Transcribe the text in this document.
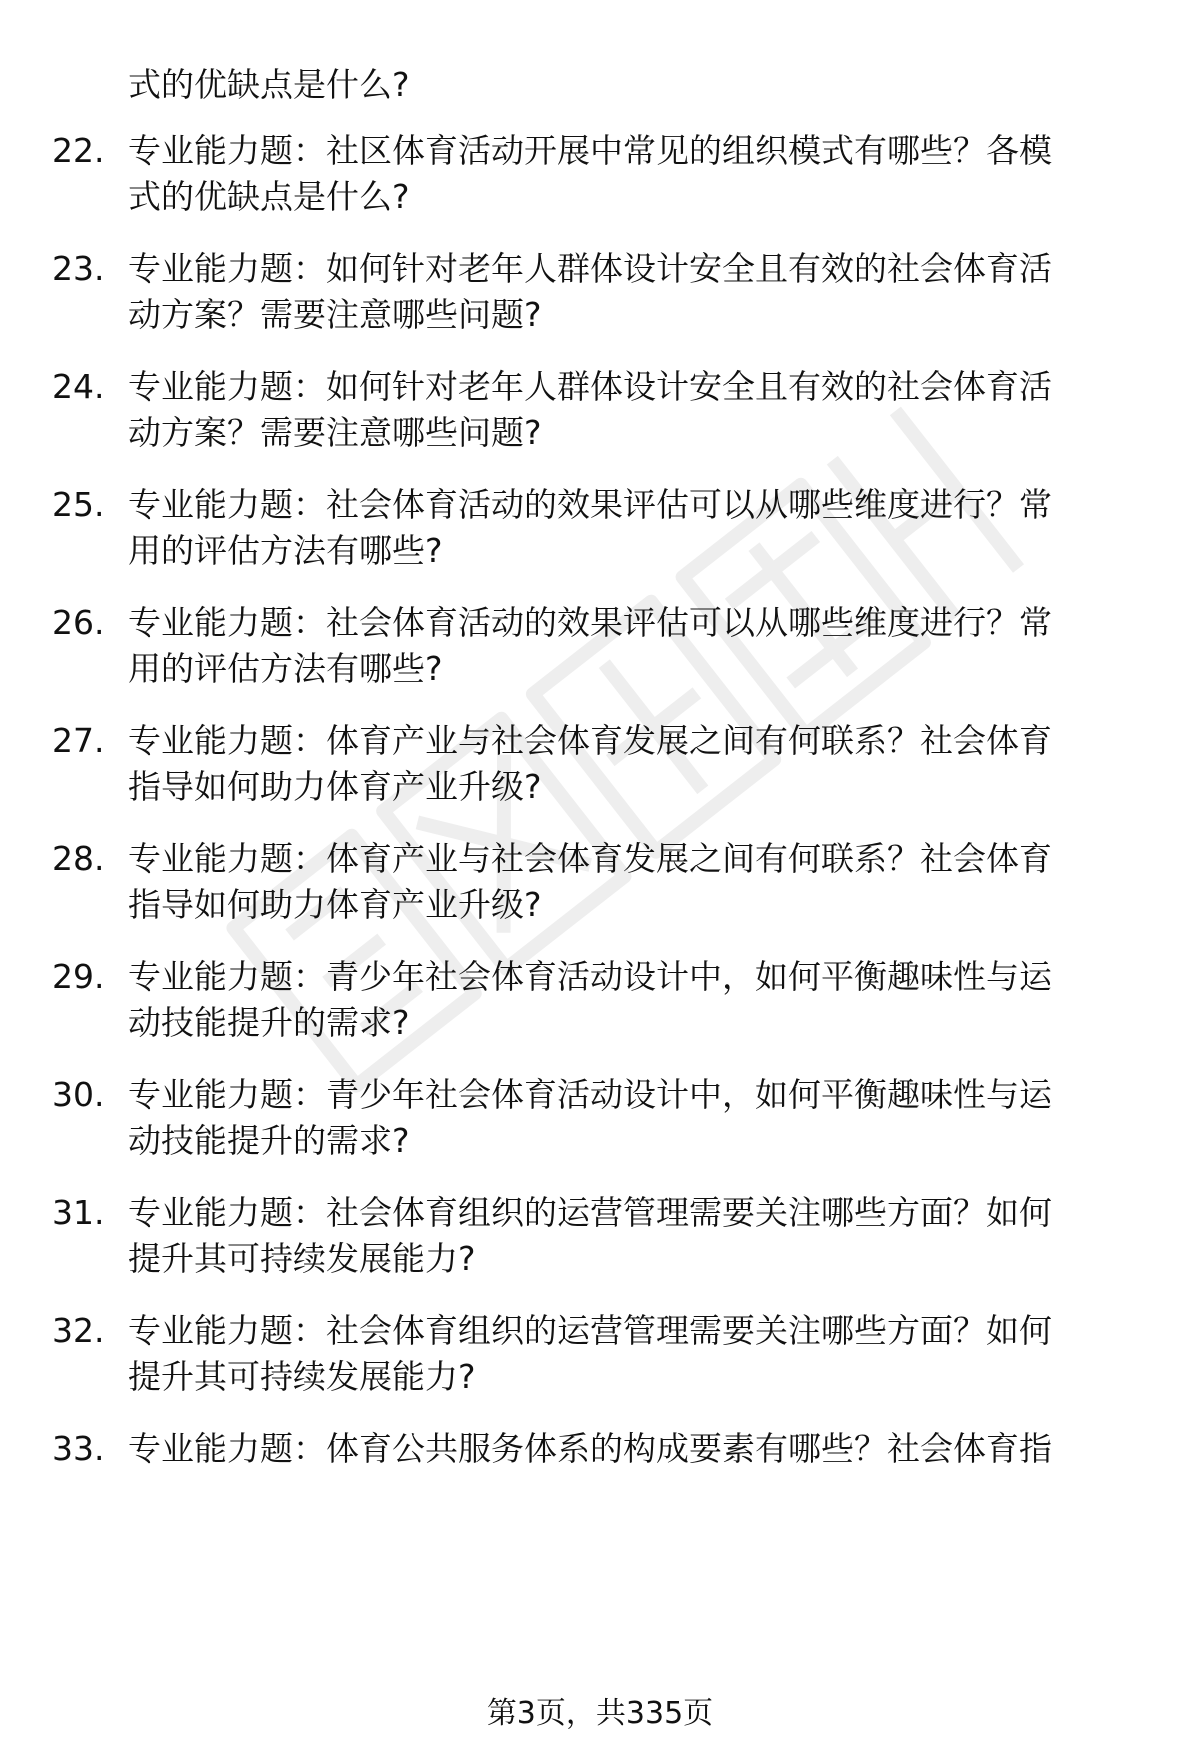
式的优缺点是什么?
22. 专业能力题：社区体育活动开展中常见的组织模式有哪些？各模
式的优缺点是什么?
23. 专业能力题：如何针对老年人群体设计安全且有效的社会体育活
动方案？需要注意哪些问题?
24. 专业能力题：如何针对老年人群体设计安全且有效的社会体育活
动方案？需要注意哪些问题?
25. 专业能力题：社会体育活动的效果评估可以从哪些维度进行？常
用的评估方法有哪些?
26. 专业能力题：社会体育活动的效果评估可以从哪些维度进行？常
用的评估方法有哪些?
27. 专业能力题：体育产业与社会体育发展之间有何联系？社会体育
指导如何助力体育产业升级?
28. 专业能力题：体育产业与社会体育发展之间有何联系？社会体育
指导如何助力体育产业升级?
29. 专业能力题：青少年社会体育活动设计中，如何平衡趣味性与运
动技能提升的需求?
30. 专业能力题：青少年社会体育活动设计中，如何平衡趣味性与运
动技能提升的需求?
31. 专业能力题：社会体育组织的运营管理需要关注哪些方面？如何
提升其可持续发展能力?
32. 专业能力题：社会体育组织的运营管理需要关注哪些方面？如何
提升其可持续发展能力?
33. 专业能力题：体育公共服务体系的构成要素有哪些？社会体育指
第3页，共335页
